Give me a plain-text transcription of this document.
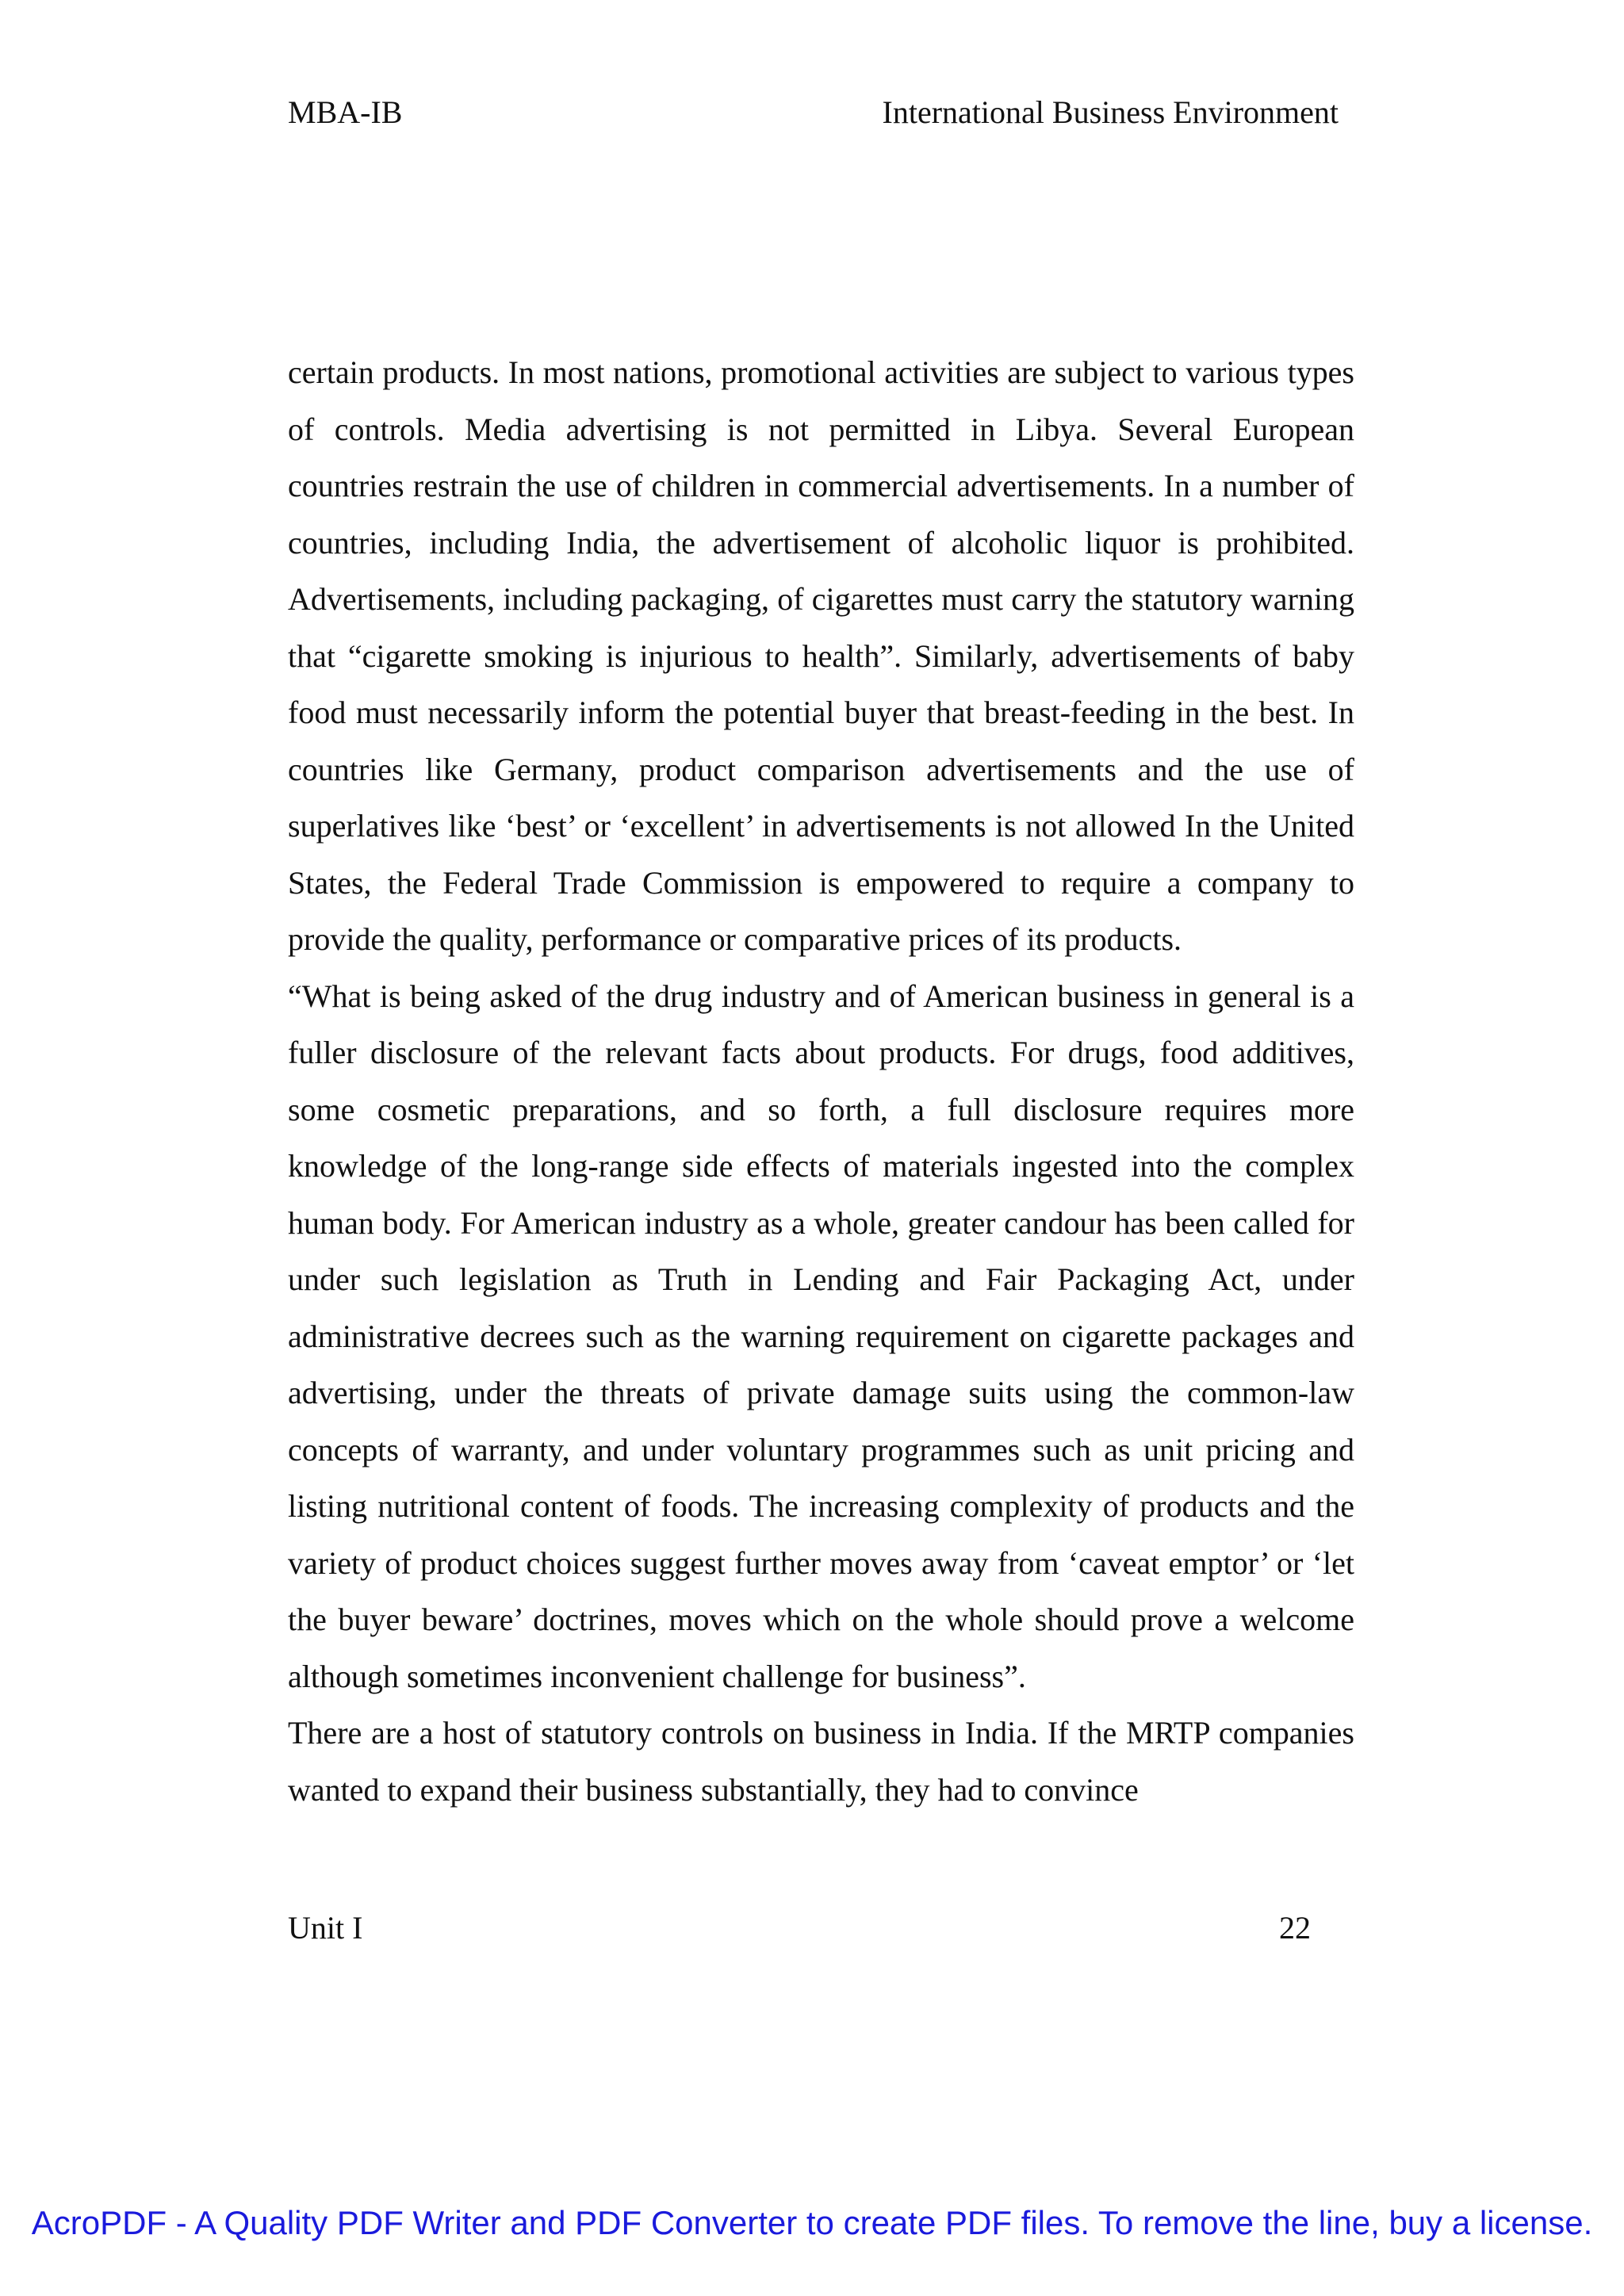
MBA-IB	International Business Environment

certain products. In most nations, promotional activities are subject to various types of controls. Media advertising is not permitted in Libya. Several European countries restrain the use of children in commercial advertisements. In a number of countries, including India, the advertisement of alcoholic liquor is prohibited. Advertisements, including packaging, of cigarettes must carry the statutory warning that “cigarette smoking is injurious to health”. Similarly, advertisements of baby food must necessarily inform the potential buyer that breast-feeding in the best. In countries like Germany, product comparison advertisements and the use of superlatives like ‘best’ or ‘excellent’ in advertisements is not allowed In the United States, the Federal Trade Commission is empowered to require a company to provide the quality, performance or comparative prices of its products.

“What is being asked of the drug industry and of American business in general is a fuller disclosure of the relevant facts about products. For drugs, food additives, some cosmetic preparations, and so forth, a full disclosure requires more knowledge of the long-range side effects of materials ingested into the complex human body. For American industry as a whole, greater candour has been called for under such legislation as Truth in Lending and Fair Packaging Act, under administrative decrees such as the warning requirement on cigarette packages and advertising, under the threats of private damage suits using the common-law concepts of warranty, and under voluntary programmes such as unit pricing and listing nutritional content of foods. The increasing complexity of products and the variety of product choices suggest further moves away from ‘caveat emptor’ or ‘let the buyer beware’ doctrines, moves which on the whole should prove a welcome although sometimes inconvenient challenge for business”.

There are a host of statutory controls on business in India. If the MRTP companies wanted to expand their business substantially, they had to convince

Unit I	22
AcroPDF - A Quality PDF Writer and PDF Converter to create PDF files. To remove the line, buy a license.
